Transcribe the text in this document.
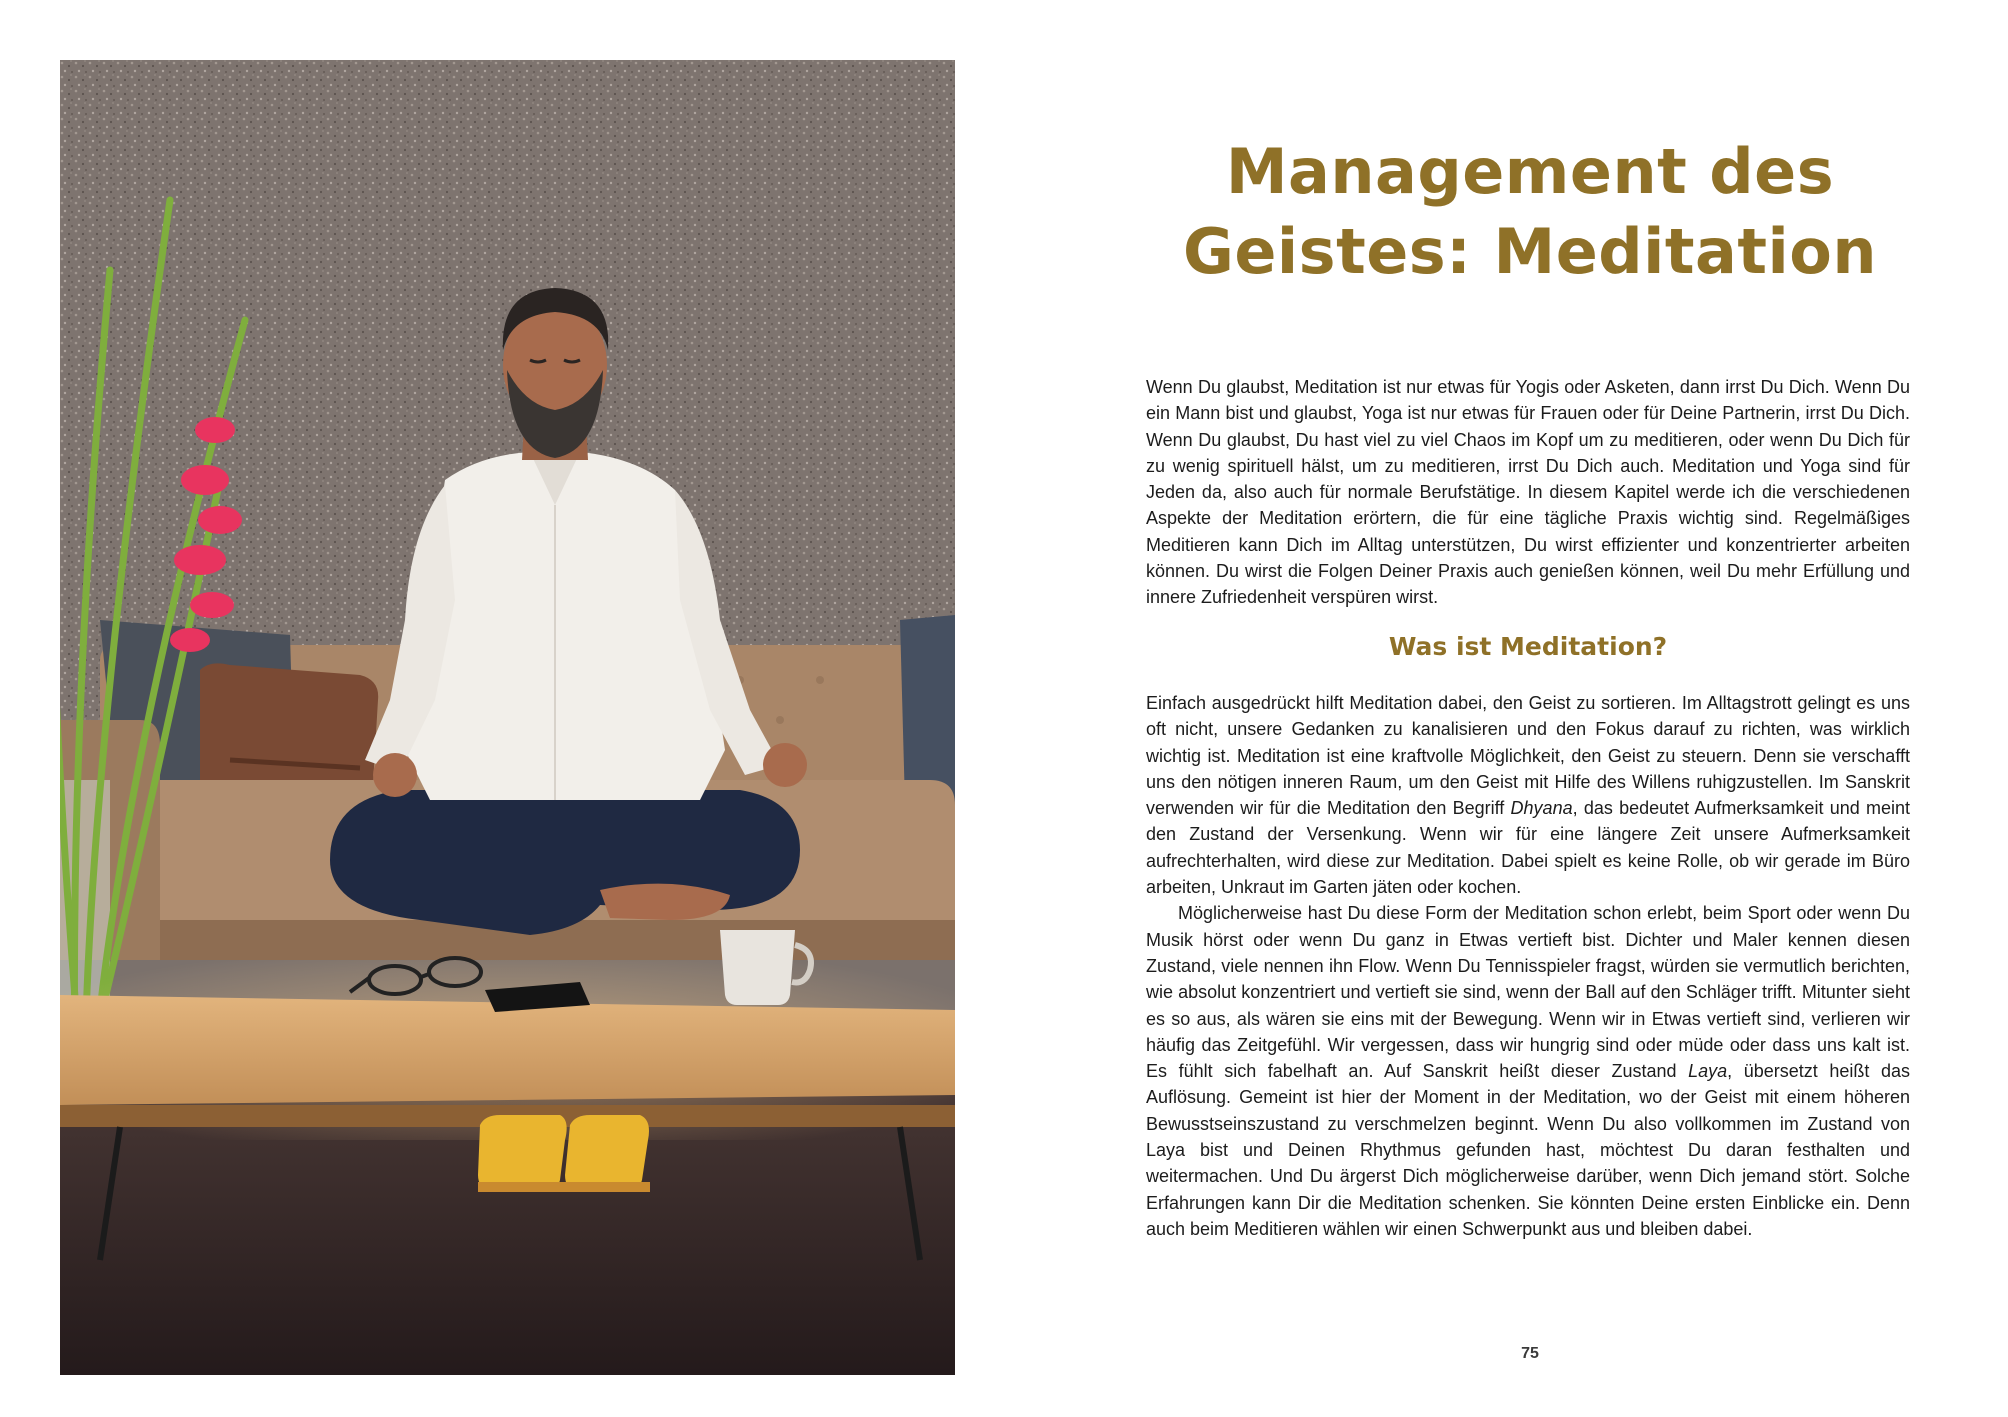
Management des
Geistes: Meditation

Wenn Du glaubst, Meditation ist nur etwas für Yogis oder Asketen, dann irrst Du Dich. Wenn Du ein Mann bist und glaubst, Yoga ist nur etwas für Frauen oder für Deine Partnerin, irrst Du Dich. Wenn Du glaubst, Du hast viel zu viel Chaos im Kopf um zu meditieren, oder wenn Du Dich für zu wenig spirituell hälst, um zu meditieren, irrst Du Dich auch. Meditation und Yoga sind für Jeden da, also auch für normale Berufstätige. In diesem Kapitel werde ich die verschiedenen Aspekte der Meditation erörtern, die für eine tägliche Praxis wichtig sind. Regelmäßiges Meditieren kann Dich im Alltag unterstützen, Du wirst effizienter und konzentrierter arbeiten können. Du wirst die Folgen Deiner Praxis auch genießen können, weil Du mehr Erfüllung und innere Zufriedenheit verspüren wirst.

Was ist Meditation?

Einfach ausgedrückt hilft Meditation dabei, den Geist zu sortieren. Im Alltagstrott gelingt es uns oft nicht, unsere Gedanken zu kanalisieren und den Fokus darauf zu richten, was wirklich wichtig ist. Meditation ist eine kraftvolle Möglichkeit, den Geist zu steuern. Denn sie verschafft uns den nötigen inneren Raum, um den Geist mit Hilfe des Willens ruhigzustellen. Im Sanskrit verwenden wir für die Meditation den Begriff Dhyana, das bedeutet Aufmerksamkeit und meint den Zustand der Versenkung. Wenn wir für eine längere Zeit unsere Aufmerksamkeit aufrechterhalten, wird diese zur Meditation. Dabei spielt es keine Rolle, ob wir gerade im Büro arbeiten, Unkraut im Garten jäten oder kochen.

Möglicherweise hast Du diese Form der Meditation schon erlebt, beim Sport oder wenn Du Musik hörst oder wenn Du ganz in Etwas vertieft bist. Dichter und Maler kennen diesen Zustand, viele nennen ihn Flow. Wenn Du Tennisspieler fragst, würden sie vermutlich berichten, wie absolut konzentriert und vertieft sie sind, wenn der Ball auf den Schläger trifft. Mitunter sieht es so aus, als wären sie eins mit der Bewegung. Wenn wir in Etwas vertieft sind, verlieren wir häufig das Zeitgefühl. Wir vergessen, dass wir hungrig sind oder müde oder dass uns kalt ist. Es fühlt sich fabelhaft an. Auf Sanskrit heißt dieser Zustand Laya, übersetzt heißt das Auflösung. Gemeint ist hier der Moment in der Meditation, wo der Geist mit einem höheren Bewusstseinszustand zu verschmelzen beginnt. Wenn Du also vollkommen im Zustand von Laya bist und Deinen Rhythmus gefunden hast, möchtest Du daran festhalten und weitermachen. Und Du ärgerst Dich möglicherweise darüber, wenn Dich jemand stört. Solche Erfahrungen kann Dir die Meditation schenken. Sie könnten Deine ersten Einblicke ein. Denn auch beim Meditieren wählen wir einen Schwerpunkt aus und bleiben dabei.

75
